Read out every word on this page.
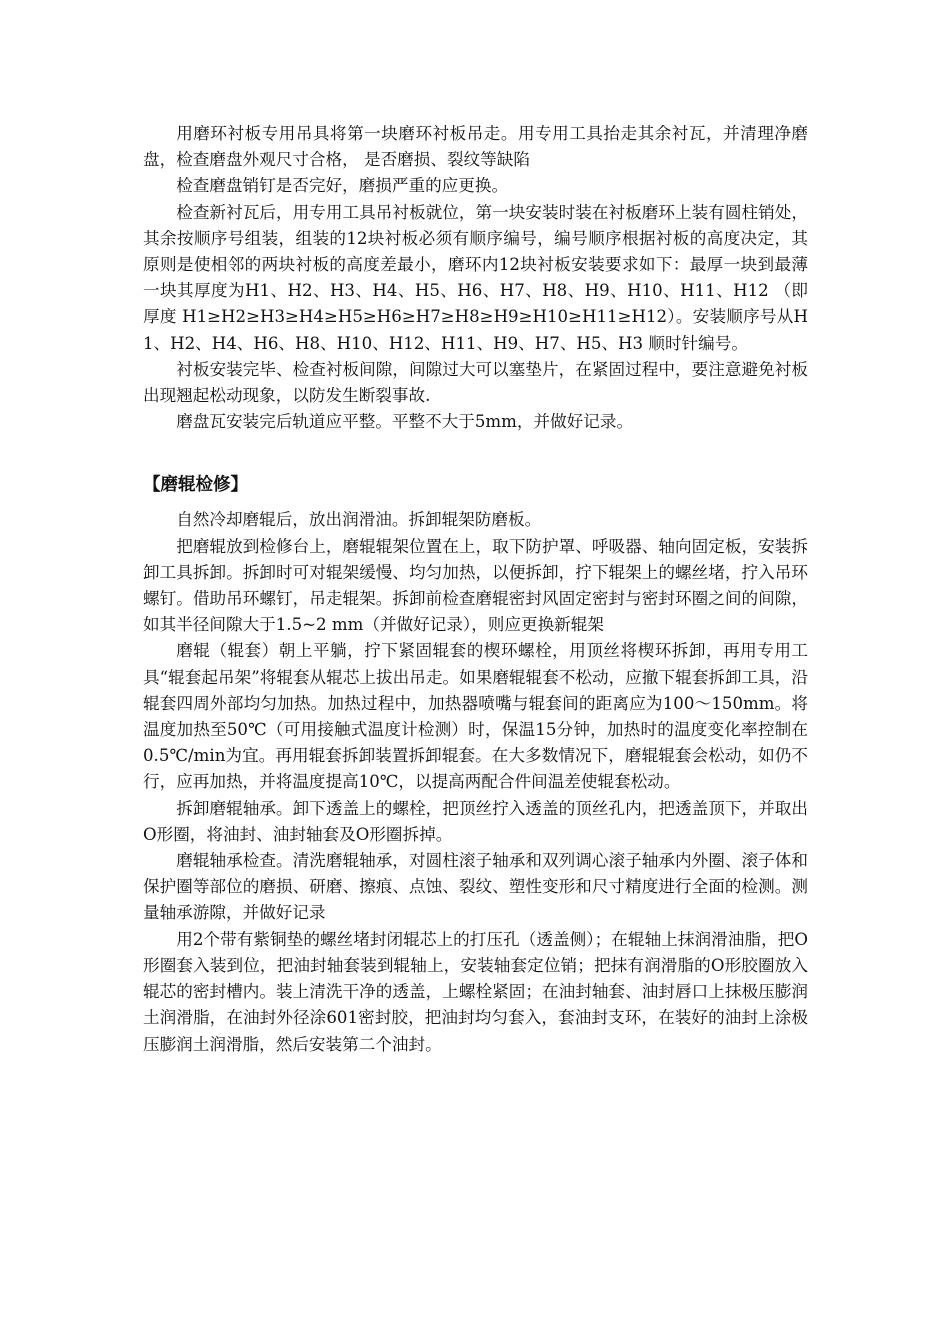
用磨环衬板专用吊具将第一块磨环衬板吊走。用专用工具抬走其余衬瓦，并清理净磨盘，检查磨盘外观尺寸合格， 是否磨损、裂纹等缺陷

检查磨盘销钉是否完好，磨损严重的应更换。

检查新衬瓦后，用专用工具吊衬板就位，第一块安装时装在衬板磨环上装有圆柱销处，其余按顺序号组装，组装的12块衬板必须有顺序编号，编号顺序根据衬板的高度决定，其原则是使相邻的两块衬板的高度差最小，磨环内12块衬板安装要求如下：最厚一块到最薄一块其厚度为H1、H2、H3、H4、H5、H6、H7、H8、H9、H10、H11、H12 （即厚度 H1≥H2≥H3≥H4≥H5≥H6≥H7≥H8≥H9≥H10≥H11≥H12）。安装顺序号从H1、H2、H4、H6、H8、H10、H12、H11、H9、H7、H5、H3 顺时针编号。

衬板安装完毕、检查衬板间隙，间隙过大可以塞垫片，在紧固过程中，要注意避免衬板出现翘起松动现象，以防发生断裂事故.

磨盘瓦安装完后轨道应平整。平整不大于5mm，并做好记录。

【磨辊检修】

自然冷却磨辊后，放出润滑油。拆卸辊架防磨板。

把磨辊放到检修台上，磨辊辊架位置在上，取下防护罩、呼吸器、轴向固定板，安装拆卸工具拆卸。拆卸时可对辊架缓慢、均匀加热，以便拆卸，拧下辊架上的螺丝堵，拧入吊环螺钉。借助吊环螺钉，吊走辊架。拆卸前检查磨辊密封风固定密封与密封环圈之间的间隙，如其半径间隙大于1.5~2 mm（并做好记录），则应更换新辊架

磨辊（辊套）朝上平躺，拧下紧固辊套的楔环螺栓，用顶丝将楔环拆卸，再用专用工具“辊套起吊架”将辊套从辊芯上拔出吊走。如果磨辊辊套不松动，应撤下辊套拆卸工具，沿辊套四周外部均匀加热。加热过程中，加热器喷嘴与辊套间的距离应为100～150mm。将温度加热至50℃（可用接触式温度计检测）时，保温15分钟，加热时的温度变化率控制在0.5℃/min为宜。再用辊套拆卸装置拆卸辊套。在大多数情况下，磨辊辊套会松动，如仍不行，应再加热，并将温度提高10℃，以提高两配合件间温差使辊套松动。

拆卸磨辊轴承。卸下透盖上的螺栓，把顶丝拧入透盖的顶丝孔内，把透盖顶下，并取出O形圈，将油封、油封轴套及O形圈拆掉。

磨辊轴承检查。清洗磨辊轴承，对圆柱滚子轴承和双列调心滚子轴承内外圈、滚子体和保护圈等部位的磨损、研磨、擦痕、点蚀、裂纹、塑性变形和尺寸精度进行全面的检测。测量轴承游隙，并做好记录

用2个带有紫铜垫的螺丝堵封闭辊芯上的打压孔（透盖侧）；在辊轴上抹润滑油脂，把O形圈套入装到位，把油封轴套装到辊轴上，安装轴套定位销；把抹有润滑脂的O形胶圈放入辊芯的密封槽内。装上清洗干净的透盖，上螺栓紧固；在油封轴套、油封唇口上抹极压膨润土润滑脂，在油封外径涂601密封胶，把油封均匀套入，套油封支环，在装好的油封上涂极压膨润土润滑脂，然后安装第二个油封。
